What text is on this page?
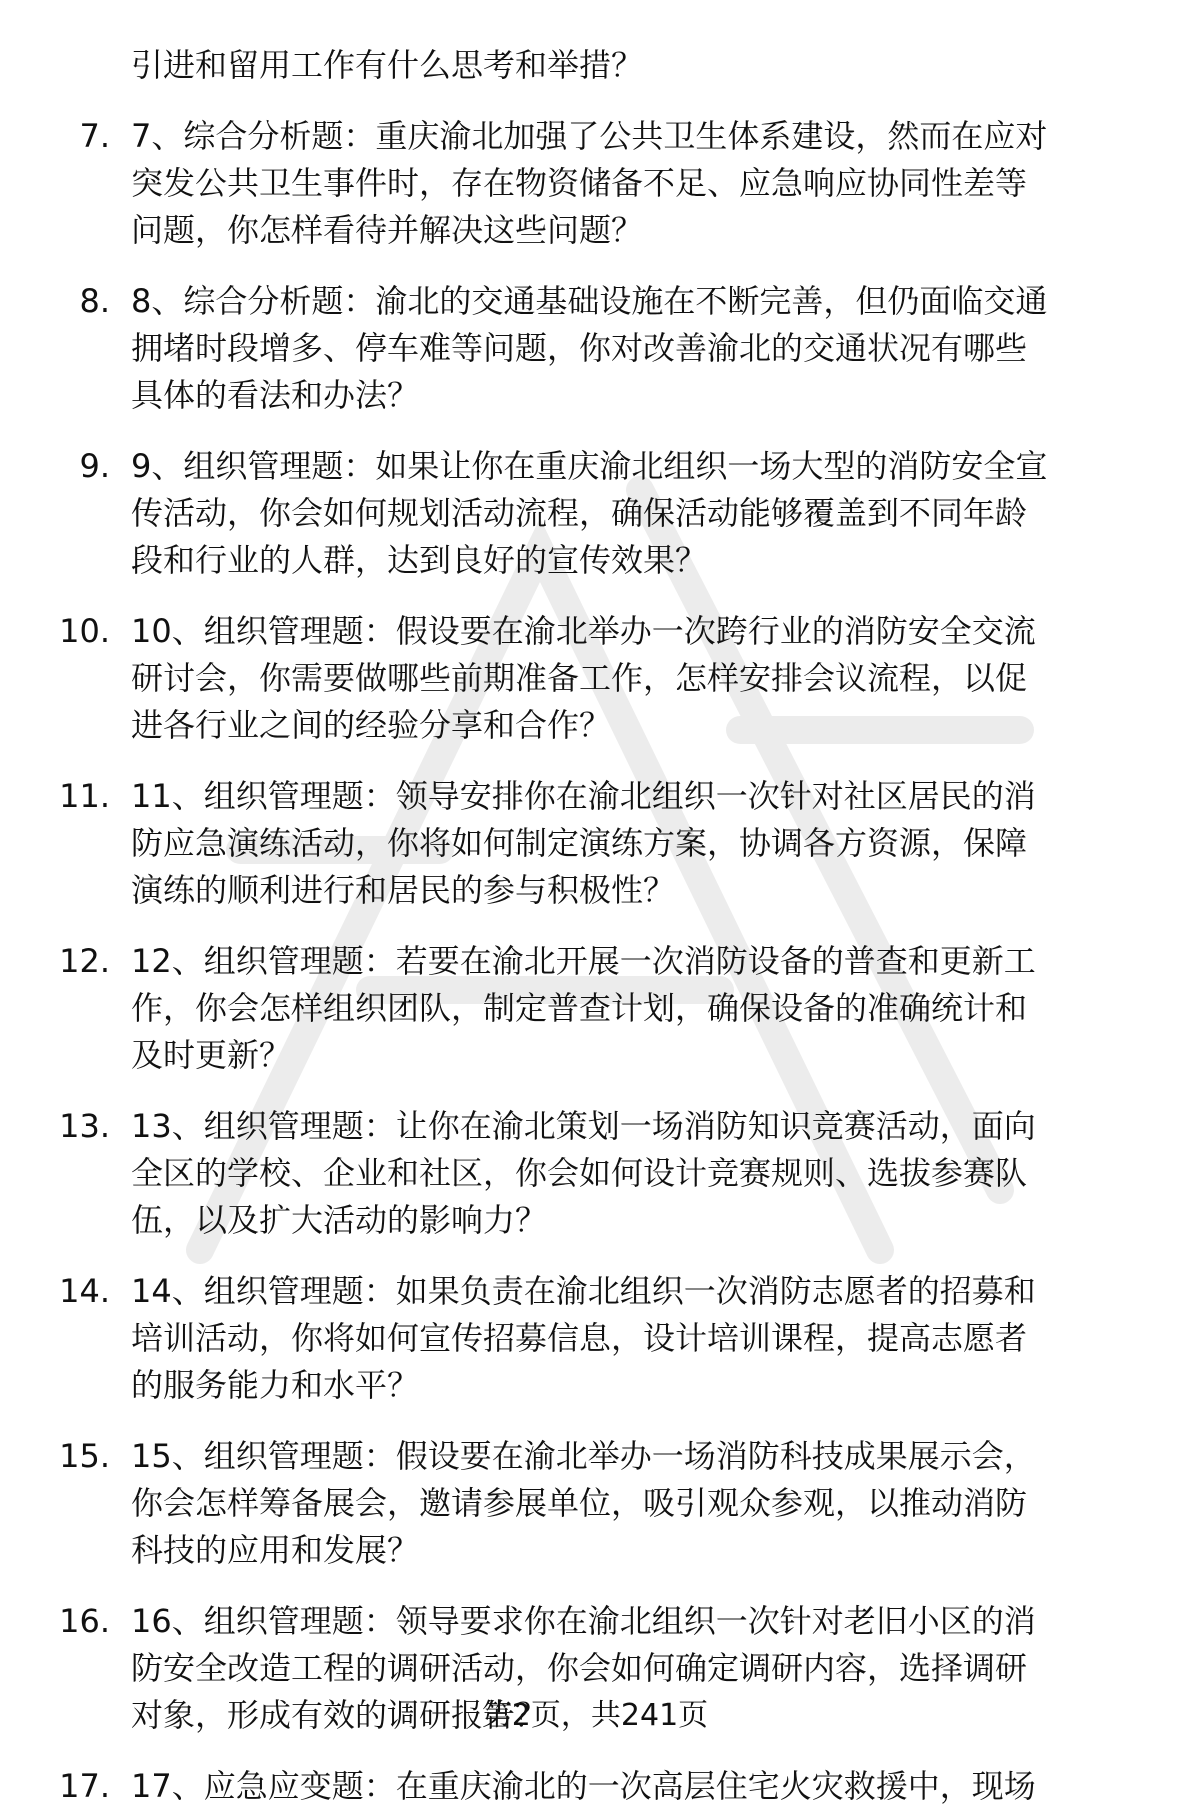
引进和留用工作有什么思考和举措？
7. 7、综合分析题：重庆渝北加强了公共卫生体系建设，然而在应对
突发公共卫生事件时，存在物资储备不足、应急响应协同性差等
问题，你怎样看待并解决这些问题？
8. 8、综合分析题：渝北的交通基础设施在不断完善，但仍面临交通
拥堵时段增多、停车难等问题，你对改善渝北的交通状况有哪些
具体的看法和办法？
9. 9、组织管理题：如果让你在重庆渝北组织一场大型的消防安全宣
传活动，你会如何规划活动流程，确保活动能够覆盖到不同年龄
段和行业的人群，达到良好的宣传效果？
10. 10、组织管理题：假设要在渝北举办一次跨行业的消防安全交流
研讨会，你需要做哪些前期准备工作，怎样安排会议流程，以促
进各行业之间的经验分享和合作？
11. 11、组织管理题：领导安排你在渝北组织一次针对社区居民的消
防应急演练活动，你将如何制定演练方案，协调各方资源，保障
演练的顺利进行和居民的参与积极性？
12. 12、组织管理题：若要在渝北开展一次消防设备的普查和更新工
作，你会怎样组织团队，制定普查计划，确保设备的准确统计和
及时更新？
13. 13、组织管理题：让你在渝北策划一场消防知识竞赛活动，面向
全区的学校、企业和社区，你会如何设计竞赛规则、选拔参赛队
伍，以及扩大活动的影响力？
14. 14、组织管理题：如果负责在渝北组织一次消防志愿者的招募和
培训活动，你将如何宣传招募信息，设计培训课程，提高志愿者
的服务能力和水平？
15. 15、组织管理题：假设要在渝北举办一场消防科技成果展示会，
你会怎样筹备展会，邀请参展单位，吸引观众参观，以推动消防
科技的应用和发展？
16. 16、组织管理题：领导要求你在渝北组织一次针对老旧小区的消
防安全改造工程的调研活动，你会如何确定调研内容，选择调研
对象，形成有效的调研报告？
17. 17、应急应变题：在重庆渝北的一次高层住宅火灾救援中，现场
第2页，共241页
